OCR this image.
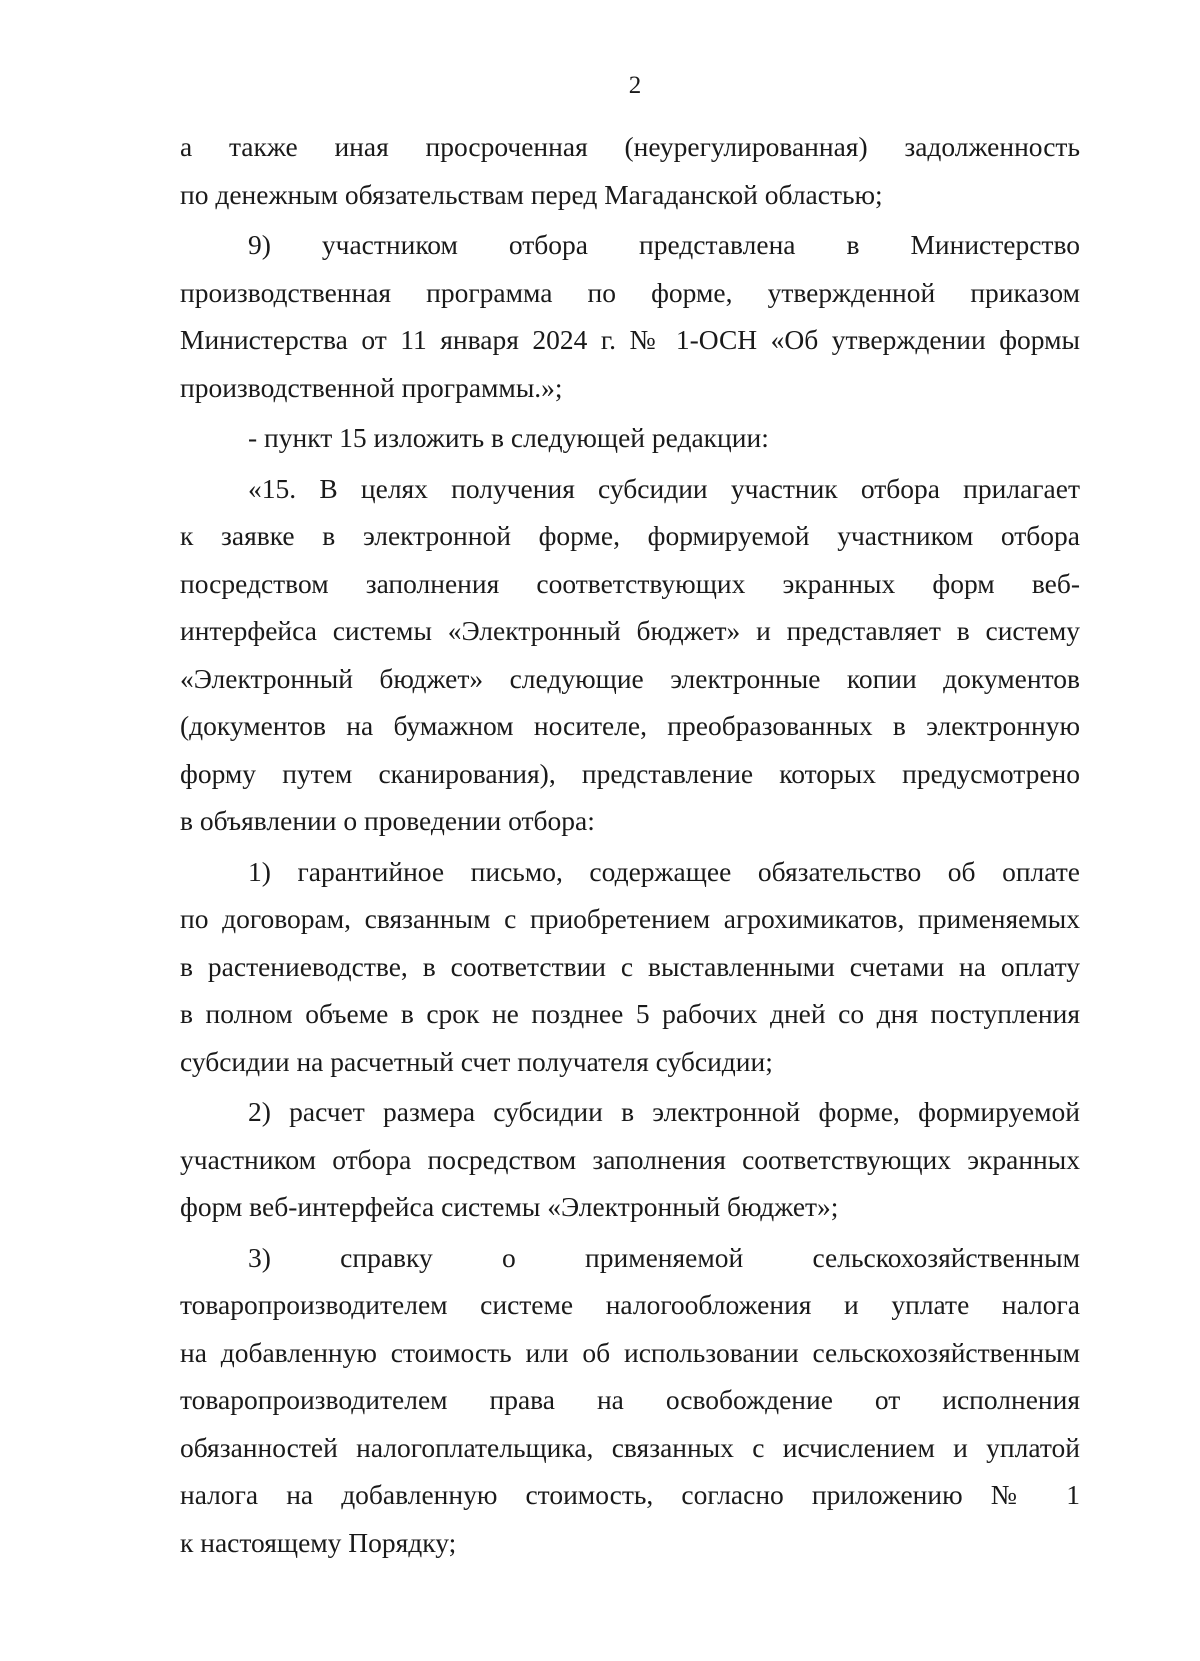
2
а также иная просроченная (неурегулированная) задолженность
по денежным обязательствам перед Магаданской областью;
9) участником отбора представлена в Министерство
производственная программа по форме, утвержденной приказом
Министерства от 11 января 2024 г. № 1-ОСН «Об утверждении формы
производственной программы.»;
- пункт 15 изложить в следующей редакции:
«15. В целях получения субсидии участник отбора прилагает
к заявке в электронной форме, формируемой участником отбора
посредством заполнения соответствующих экранных форм веб-
интерфейса системы «Электронный бюджет» и представляет в систему
«Электронный бюджет» следующие электронные копии документов
(документов на бумажном носителе, преобразованных в электронную
форму путем сканирования), представление которых предусмотрено
в объявлении о проведении отбора:
1) гарантийное письмо, содержащее обязательство об оплате
по договорам, связанным с приобретением агрохимикатов, применяемых
в растениеводстве, в соответствии с выставленными счетами на оплату
в полном объеме в срок не позднее 5 рабочих дней со дня поступления
субсидии на расчетный счет получателя субсидии;
2) расчет размера субсидии в электронной форме, формируемой
участником отбора посредством заполнения соответствующих экранных
форм веб-интерфейса системы «Электронный бюджет»;
3) справку о применяемой сельскохозяйственным
товаропроизводителем системе налогообложения и уплате налога
на добавленную стоимость или об использовании сельскохозяйственным
товаропроизводителем права на освобождение от исполнения
обязанностей налогоплательщика, связанных с исчислением и уплатой
налога на добавленную стоимость, согласно приложению № 1
к настоящему Порядку;
